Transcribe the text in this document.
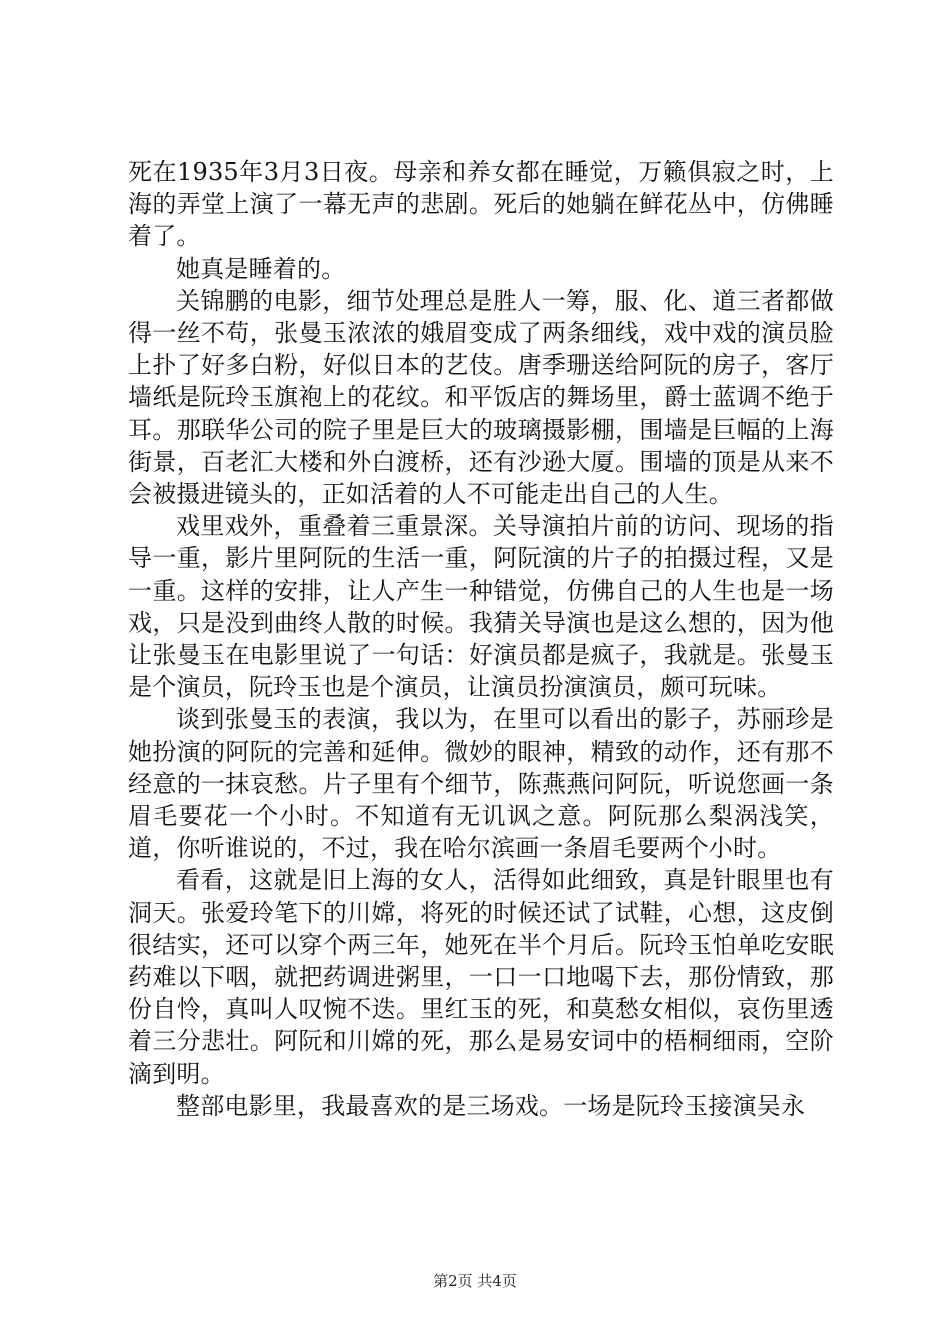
死在1935年3月3日夜。母亲和养女都在睡觉，万籁俱寂之时，上海的弄堂上演了一幕无声的悲剧。死后的她躺在鲜花丛中，仿佛睡着了。

她真是睡着的。

关锦鹏的电影，细节处理总是胜人一筹，服、化、道三者都做得一丝不苟，张曼玉浓浓的娥眉变成了两条细线，戏中戏的演员脸上扑了好多白粉，好似日本的艺伎。唐季珊送给阿阮的房子，客厅墙纸是阮玲玉旗袍上的花纹。和平饭店的舞场里，爵士蓝调不绝于耳。那联华公司的院子里是巨大的玻璃摄影棚，围墙是巨幅的上海街景，百老汇大楼和外白渡桥，还有沙逊大厦。围墙的顶是从来不会被摄进镜头的，正如活着的人不可能走出自己的人生。

戏里戏外，重叠着三重景深。关导演拍片前的访问、现场的指导一重，影片里阿阮的生活一重，阿阮演的片子的拍摄过程，又是一重。这样的安排，让人产生一种错觉，仿佛自己的人生也是一场戏，只是没到曲终人散的时候。我猜关导演也是这么想的，因为他让张曼玉在电影里说了一句话：好演员都是疯子，我就是。张曼玉是个演员，阮玲玉也是个演员，让演员扮演演员，颇可玩味。

谈到张曼玉的表演，我以为，在里可以看出的影子，苏丽珍是她扮演的阿阮的完善和延伸。微妙的眼神，精致的动作，还有那不经意的一抹哀愁。片子里有个细节，陈燕燕问阿阮，听说您画一条眉毛要花一个小时。不知道有无讥讽之意。阿阮那么梨涡浅笑，道，你听谁说的，不过，我在哈尔滨画一条眉毛要两个小时。

看看，这就是旧上海的女人，活得如此细致，真是针眼里也有洞天。张爱玲笔下的川嫦，将死的时候还试了试鞋，心想，这皮倒很结实，还可以穿个两三年，她死在半个月后。阮玲玉怕单吃安眠药难以下咽，就把药调进粥里，一口一口地喝下去，那份情致，那份自怜，真叫人叹惋不迭。里红玉的死，和莫愁女相似，哀伤里透着三分悲壮。阿阮和川嫦的死，那么是易安词中的梧桐细雨，空阶滴到明。

整部电影里，我最喜欢的是三场戏。一场是阮玲玉接演吴永

第2页 共4页
